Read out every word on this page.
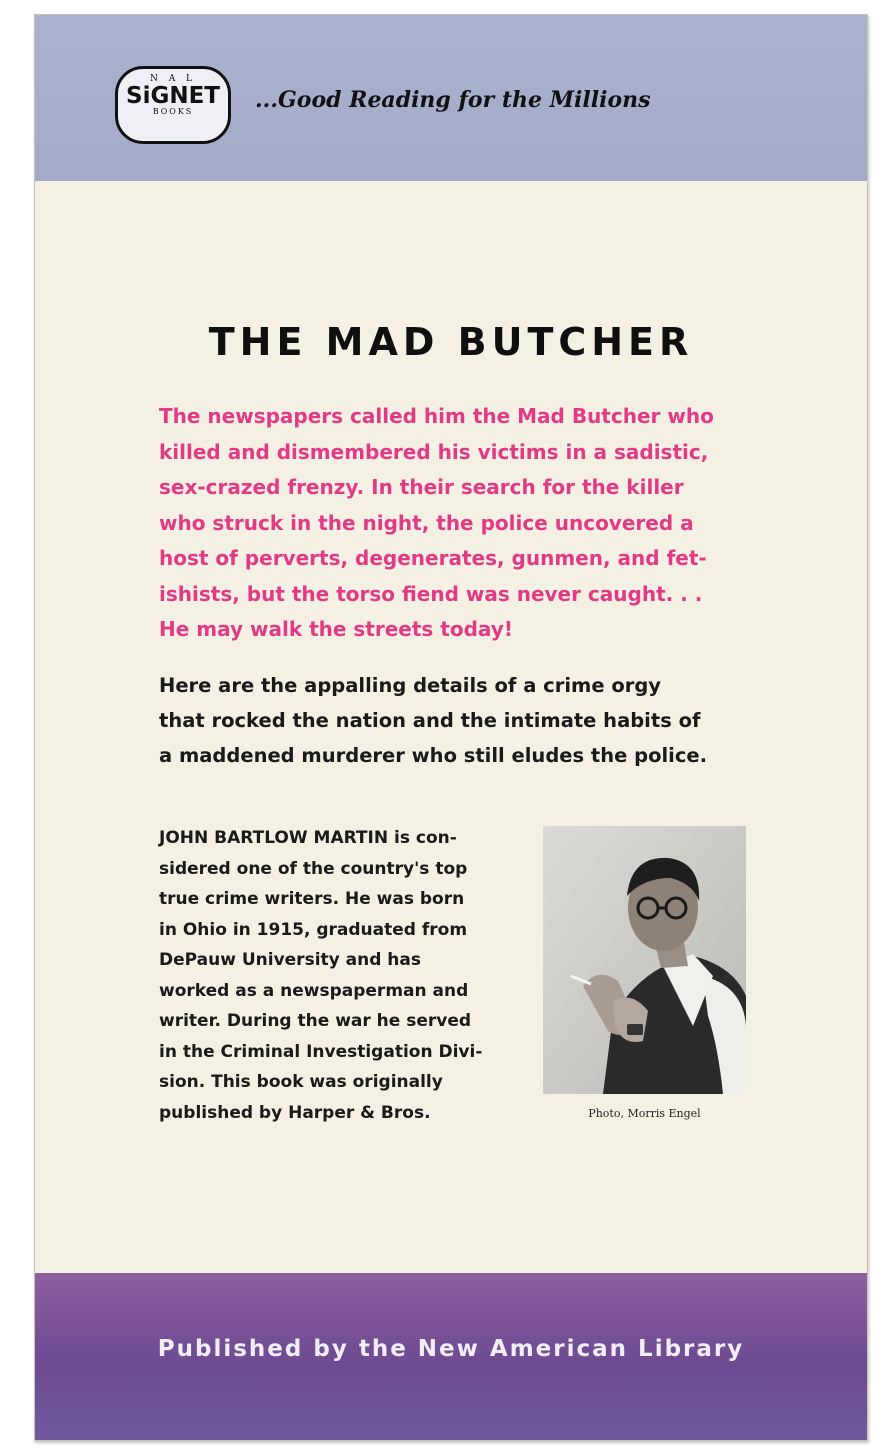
N A L
SiGNET
BOOKS	...Good Reading for the Millions
THE MAD BUTCHER
The newspapers called him the Mad Butcher who
killed and dismembered his victims in a sadistic,
sex-crazed frenzy. In their search for the killer
who struck in the night, the police uncovered a
host of perverts, degenerates, gunmen, and fet-
ishists, but the torso fiend was never caught. . .
He may walk the streets today!
Here are the appalling details of a crime orgy
that rocked the nation and the intimate habits of
a maddened murderer who still eludes the police.
JOHN BARTLOW MARTIN is con-
sidered one of the country's top
true crime writers. He was born
in Ohio in 1915, graduated from
DePauw University and has
worked as a newspaperman and
writer. During the war he served
in the Criminal Investigation Divi-
sion. This book was originally
published by Harper & Bros.	Photo, Morris Engel
Published by the New American Library
